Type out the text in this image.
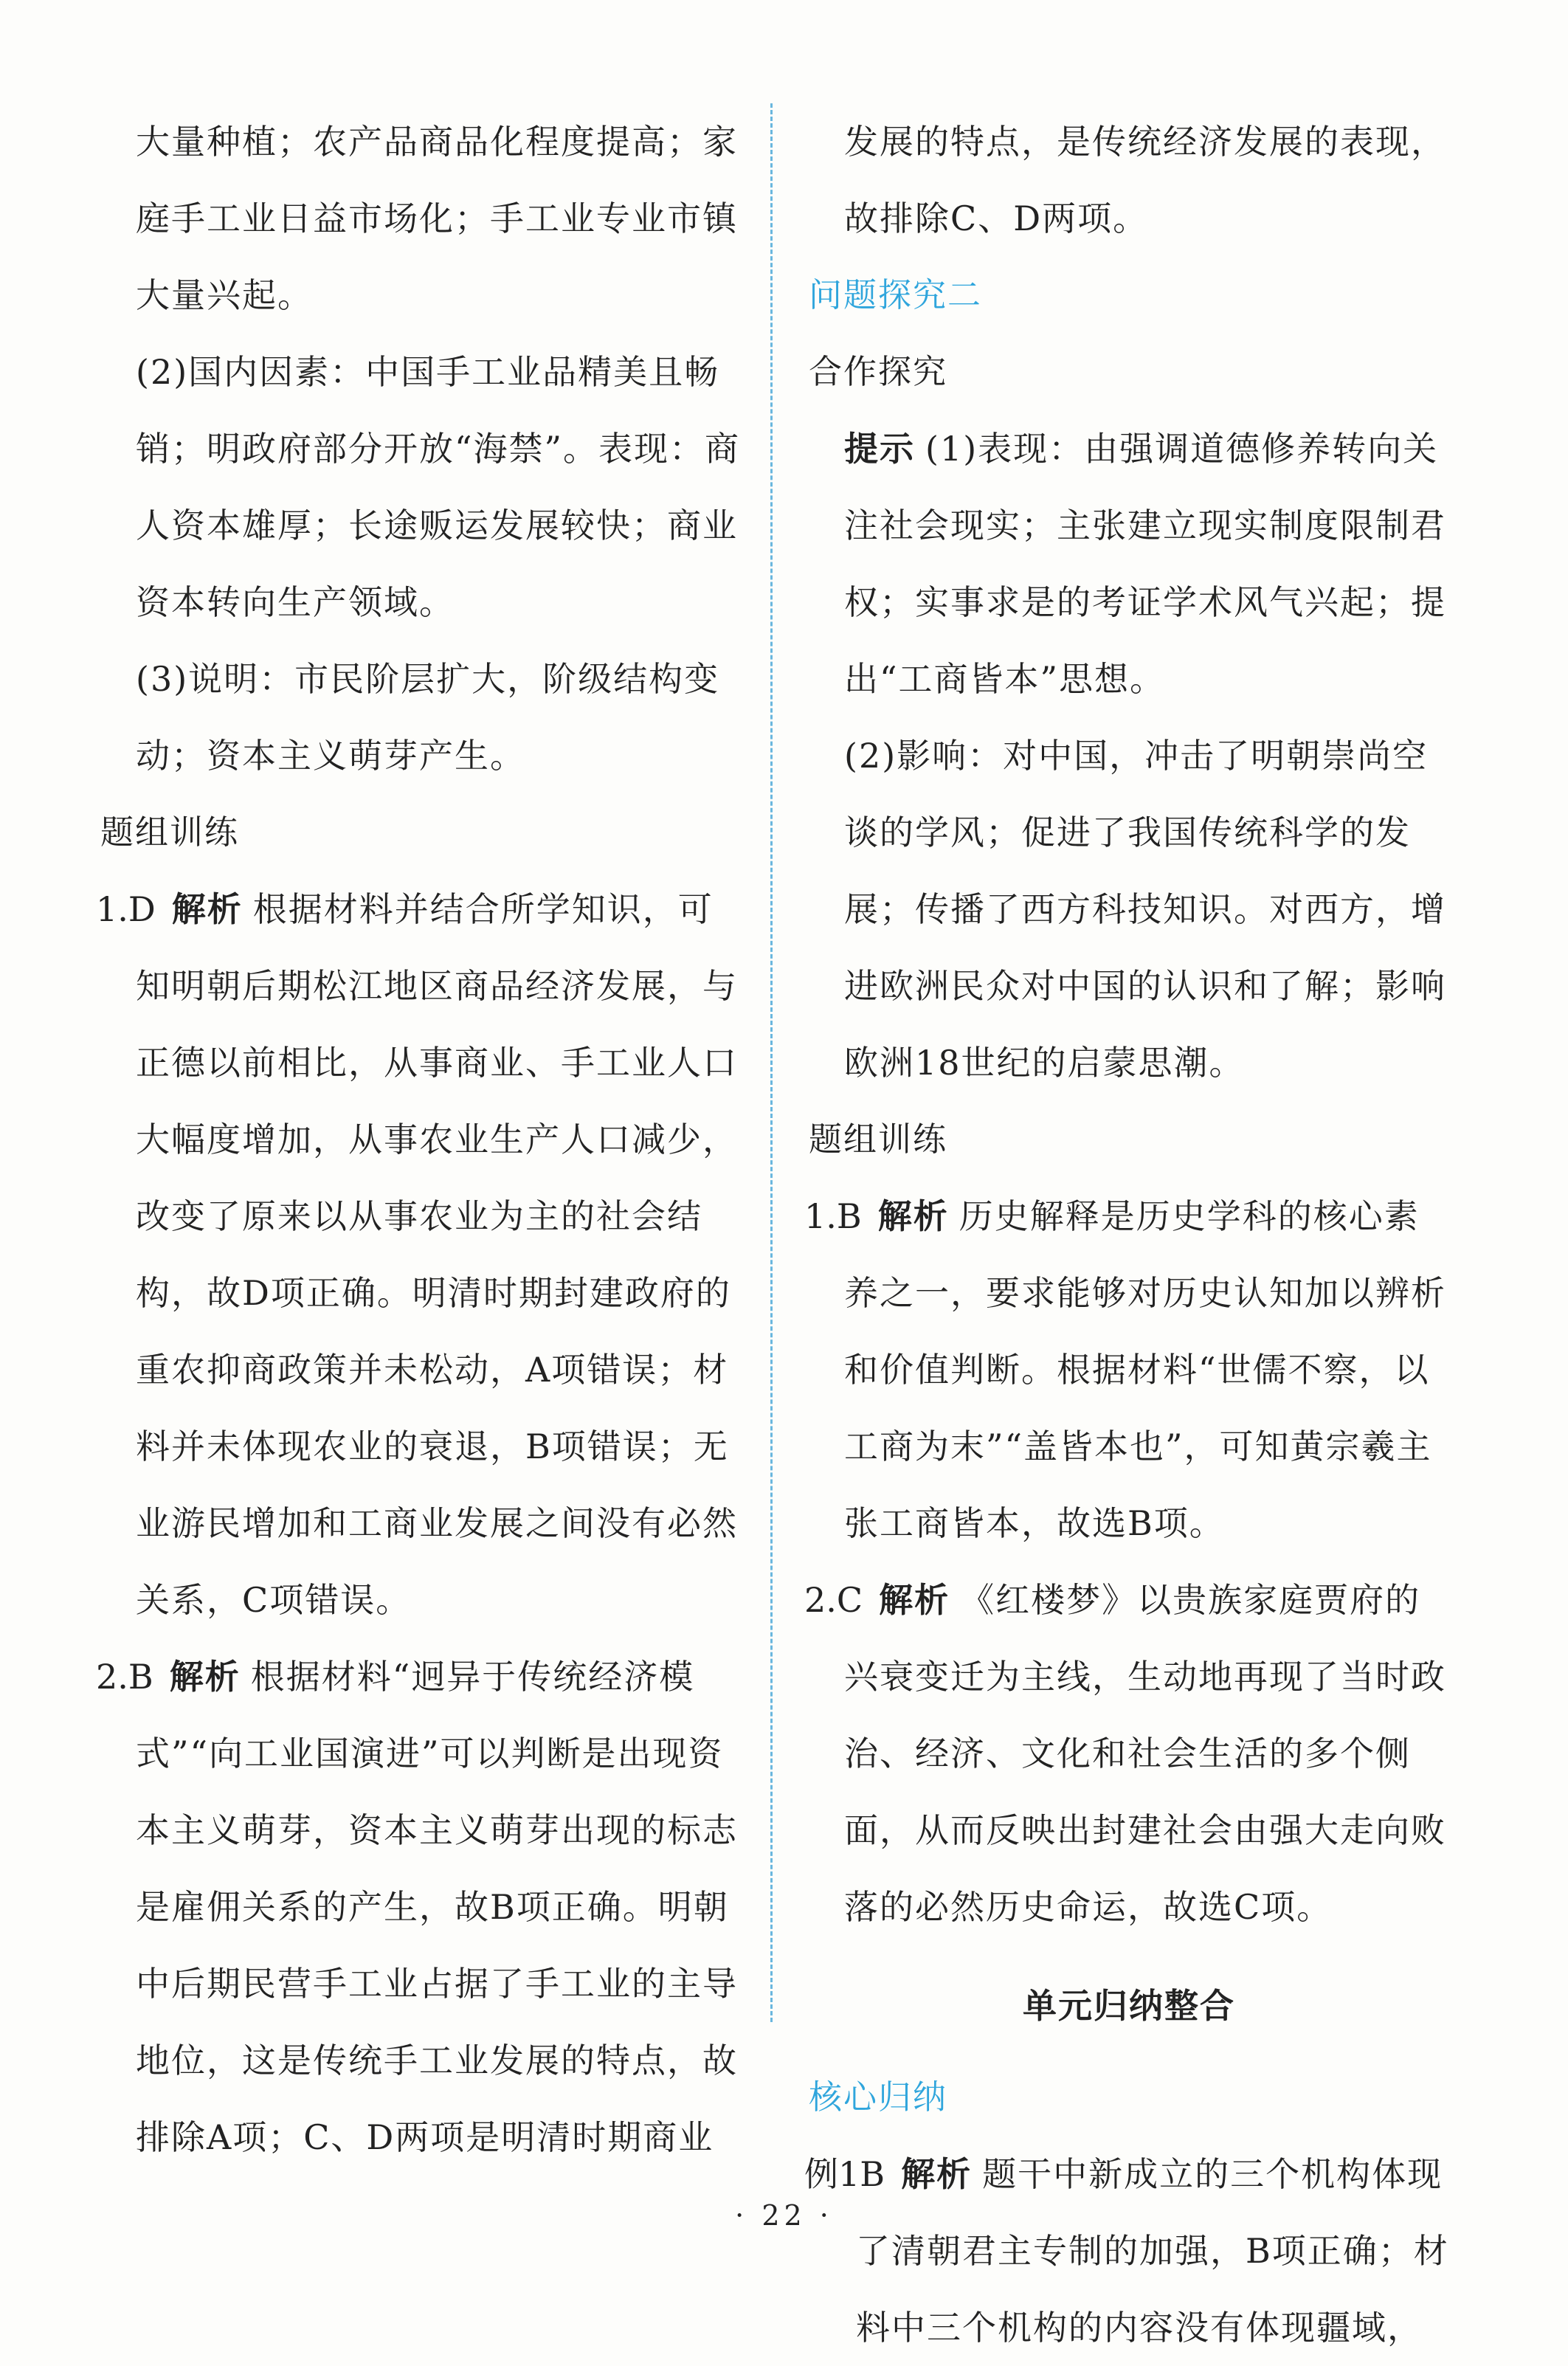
大量种植；农产品商品化程度提高；家庭手工业日益市场化；手工业专业市镇大量兴起。

(2)国内因素：中国手工业品精美且畅销；明政府部分开放“海禁”。表现：商人资本雄厚；长途贩运发展较快；商业资本转向生产领域。

(3)说明：市民阶层扩大，阶级结构变动；资本主义萌芽产生。

题组训练

1.D 解析 根据材料并结合所学知识，可知明朝后期松江地区商品经济发展，与正德以前相比，从事商业、手工业人口大幅度增加，从事农业生产人口减少，改变了原来以从事农业为主的社会结构，故D项正确。明清时期封建政府的重农抑商政策并未松动，A项错误；材料并未体现农业的衰退，B项错误；无业游民增加和工商业发展之间没有必然关系，C项错误。

2.B 解析 根据材料“迥异于传统经济模式”“向工业国演进”可以判断是出现资本主义萌芽，资本主义萌芽出现的标志是雇佣关系的产生，故B项正确。明朝中后期民营手工业占据了手工业的主导地位，这是传统手工业发展的特点，故排除A项；C、D两项是明清时期商业

发展的特点，是传统经济发展的表现，故排除C、D两项。

问题探究二

合作探究

提示 (1)表现：由强调道德修养转向关注社会现实；主张建立现实制度限制君权；实事求是的考证学术风气兴起；提出“工商皆本”思想。

(2)影响：对中国，冲击了明朝崇尚空谈的学风；促进了我国传统科学的发展；传播了西方科技知识。对西方，增进欧洲民众对中国的认识和了解；影响欧洲18世纪的启蒙思潮。

题组训练

1.B 解析 历史解释是历史学科的核心素养之一，要求能够对历史认知加以辨析和价值判断。根据材料“世儒不察，以工商为末”“盖皆本也”，可知黄宗羲主张工商皆本，故选B项。

2.C 解析 《红楼梦》以贵族家庭贾府的兴衰变迁为主线，生动地再现了当时政治、经济、文化和社会生活的多个侧面，从而反映出封建社会由强大走向败落的必然历史命运，故选C项。

单元归纳整合

核心归纳

例1B 解析 题干中新成立的三个机构体现了清朝君主专制的加强，B项正确；材料中三个机构的内容没有体现疆域，

· 22 ·
